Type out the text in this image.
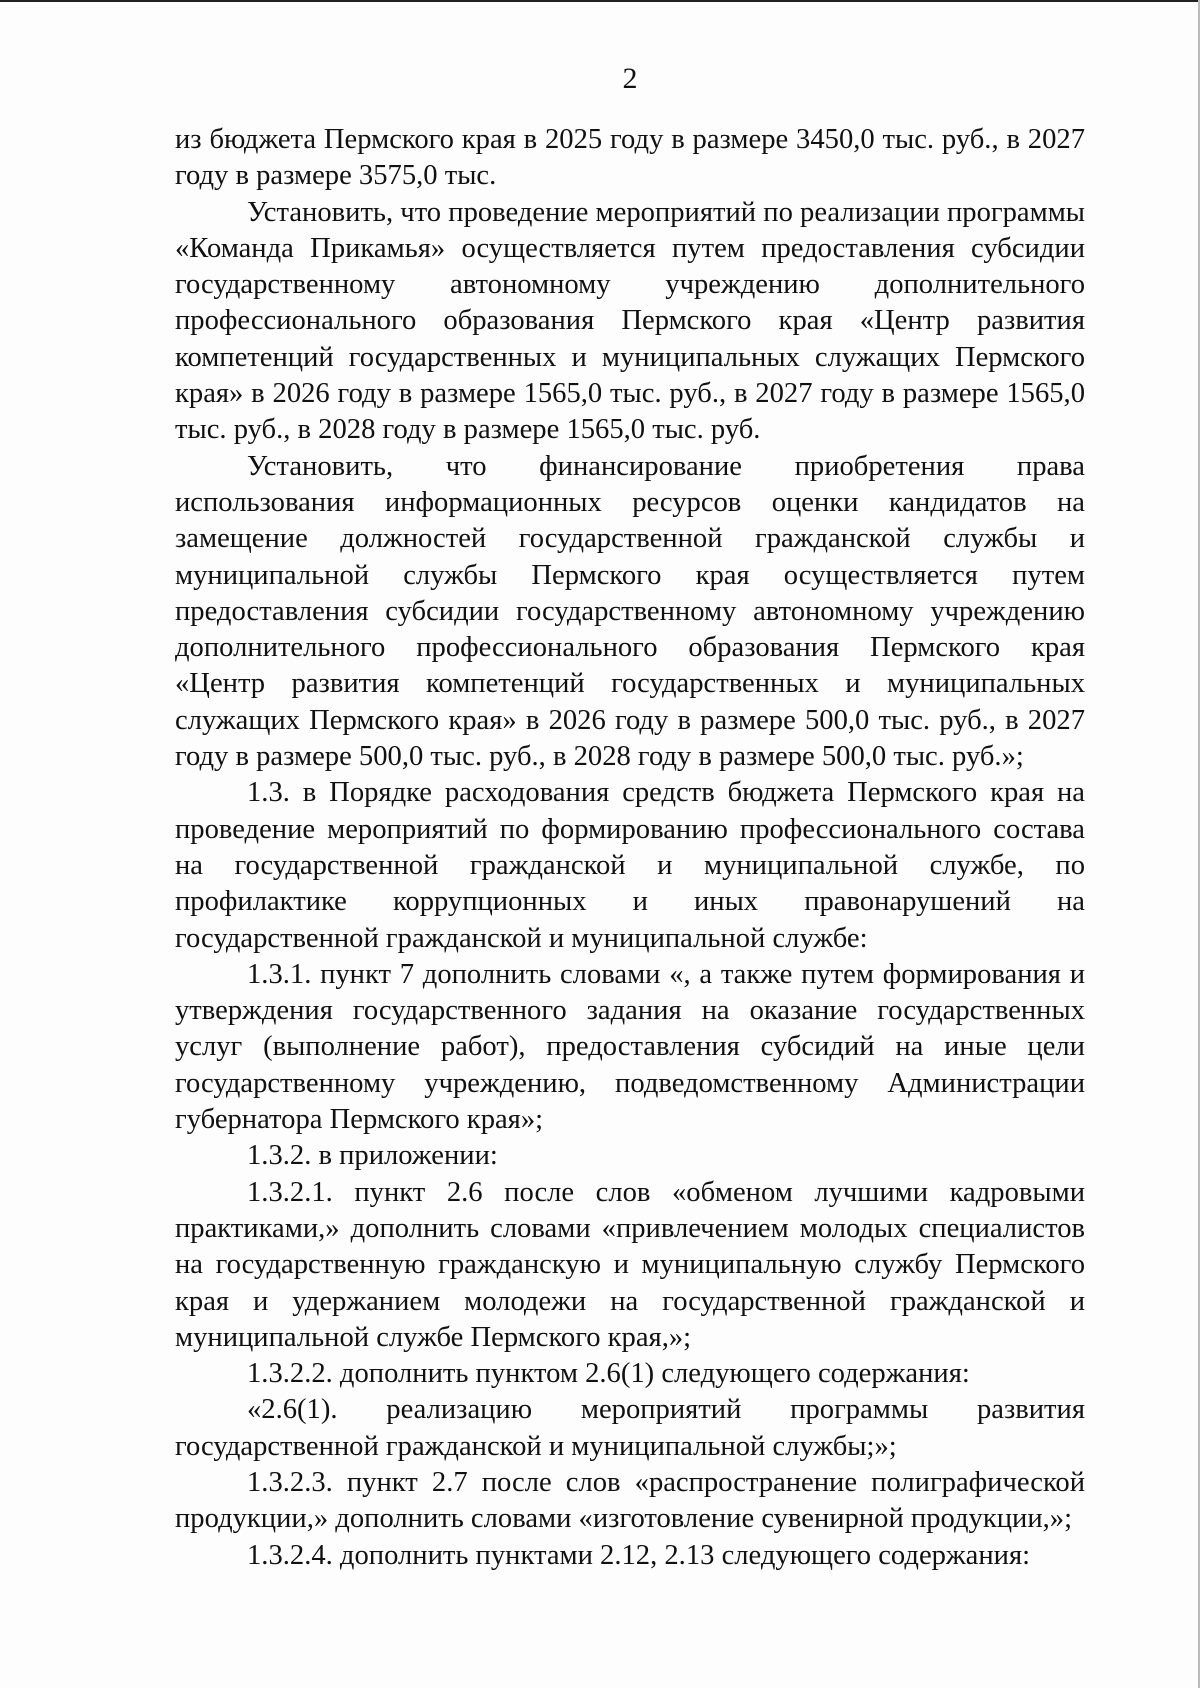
2

из бюджета Пермского края в 2025 году в размере 3450,0 тыс. руб., в 2027 году в размере 3575,0 тыс.

Установить, что проведение мероприятий по реализации программы «Команда Прикамья» осуществляется путем предоставления субсидии государственному автономному учреждению дополнительного профессионального образования Пермского края «Центр развития компетенций государственных и муниципальных служащих Пермского края» в 2026 году в размере 1565,0 тыс. руб., в 2027 году в размере 1565,0 тыс. руб., в 2028 году в размере 1565,0 тыс. руб.

Установить, что финансирование приобретения права использования информационных ресурсов оценки кандидатов на замещение должностей государственной гражданской службы и муниципальной службы Пермского края осуществляется путем предоставления субсидии государственному автономному учреждению дополнительного профессионального образования Пермского края «Центр развития компетенций государственных и муниципальных служащих Пермского края» в 2026 году в размере 500,0 тыс. руб., в 2027 году в размере 500,0 тыс. руб., в 2028 году в размере 500,0 тыс. руб.»;

1.3. в Порядке расходования средств бюджета Пермского края на проведение мероприятий по формированию профессионального состава на государственной гражданской и муниципальной службе, по профилактике коррупционных и иных правонарушений на государственной гражданской и муниципальной службе:

1.3.1. пункт 7 дополнить словами «, а также путем формирования и утверждения государственного задания на оказание государственных услуг (выполнение работ), предоставления субсидий на иные цели государственному учреждению, подведомственному Администрации губернатора Пермского края»;

1.3.2. в приложении:

1.3.2.1. пункт 2.6 после слов «обменом лучшими кадровыми практиками,» дополнить словами «привлечением молодых специалистов на государственную гражданскую и муниципальную службу Пермского края и удержанием молодежи на государственной гражданской и муниципальной службе Пермского края,»;

1.3.2.2. дополнить пунктом 2.6(1) следующего содержания:

«2.6(1). реализацию мероприятий программы развития государственной гражданской и муниципальной службы;»;

1.3.2.3. пункт 2.7 после слов «распространение полиграфической продукции,» дополнить словами «изготовление сувенирной продукции,»;

1.3.2.4. дополнить пунктами 2.12, 2.13 следующего содержания:
